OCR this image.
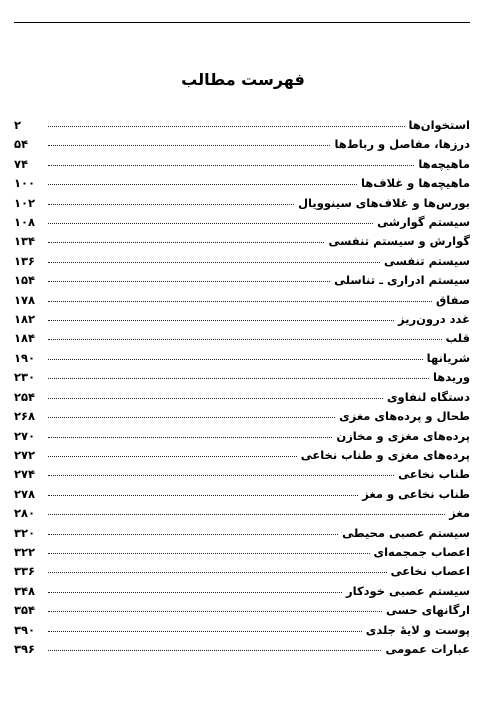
فهرست مطالب
استخوان‌ها
۲
درزها، مفاصل و رباط‌ها
۵۴
ماهیچه‌ها
۷۴
ماهیچه‌ها و غلاف‌ها
۱۰۰
بورس‌ها و غلاف‌های سینوویال
۱۰۲
سیستم گوارشی
۱۰۸
گوارش و سیستم تنفسی
۱۳۴
سیستم تنفسی
۱۳۶
سیستم ادراری ـ تناسلی
۱۵۴
صفاق
۱۷۸
غدد درون‌ریز
۱۸۲
قلب
۱۸۴
شریانها
۱۹۰
وریدها
۲۳۰
دستگاه لنفاوی
۲۵۴
طحال و پرده‌های مغزی
۲۶۸
پرده‌های مغزی و مخازن
۲۷۰
پرده‌های مغزی و طناب نخاعی
۲۷۲
طناب نخاعی
۲۷۴
طناب نخاعی و مغز
۲۷۸
مغز
۲۸۰
سیستم عصبی محیطی
۳۲۰
اعصاب جمجمه‌ای
۳۲۲
اعصاب نخاعی
۳۳۶
سیستم عصبی خودکار
۳۴۸
ارگانهای حسی
۳۵۴
پوست و لایهٔ جلدی
۳۹۰
عبارات عمومی
۳۹۶
